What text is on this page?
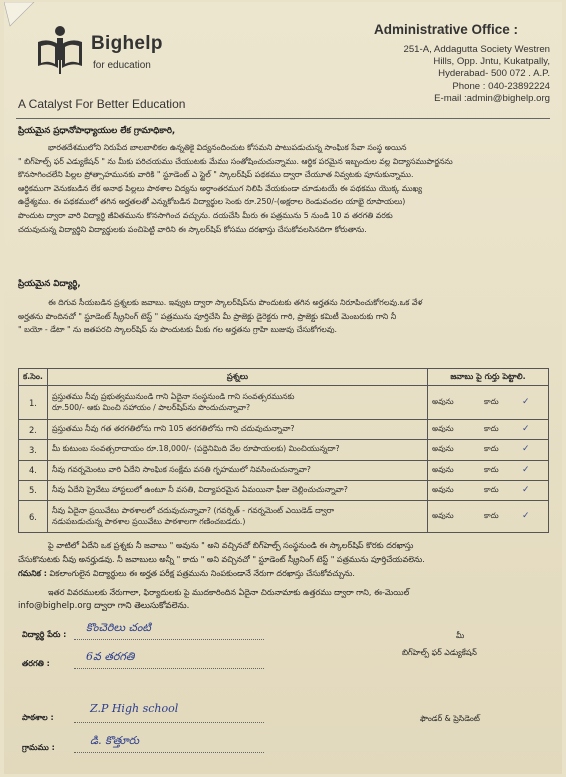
Bighelp
for education
A Catalyst For Better Education
Administrative Office :
251-A, Addagutta Society Westren
Hills, Opp. Jntu, Kukatpally,
Hyderabad- 500 072 . A.P.
Phone : 040-23892224
E-mail :admin@bighelp.org
ప్రియమైన ప్రధానోపాధ్యాయుల లేక గ్రామాధికారి,
భారతదేశములోని నిరుపేద బాలబాలికల ఉన్నతికై విద్యనందించుట కోసమని పాటుపడుచున్న సాంఘిక సేవా సంస్థ అయిన
" బిగ్‌హెల్ప్ ఫర్ ఎడ్యుకేషన్ " ను మీకు పరిచయము చేయుటకు మేము సంతోషించుచున్నాము. ఆర్థిక పరమైన ఇబ్బందుల వల్ల విద్యాసముపార్జనను
కొనసాగించలేని పిల్లల ప్రోత్సాహమునకు వారికి " స్టూడెంట్ ఎ స్టైల్ " స్కాలర్‌షిప్ పథకము ద్వారా చేయూత నివ్వటకు పూనుకున్నాము.
ఆర్థికముగా వెనుకబడిన లేక అనాథ పిల్లలు పాఠశాల విద్యను అర్ధాంతరముగ నిలిపి వేయకుండా చూడుటయే ఈ పథకము యొక్క ముఖ్య
ఉద్దేశ్యము. ఈ పథకములో తగిన అర్హతలతో ఎన్నుకోబడిన విద్యార్థుల సెంకు రూ.250/-(అక్షరాల రెండువందల యాభై రూపాయలు)
పొందుట ద్వారా వారి విద్యార్థి జీవితమును కొనసాగించ వచ్చును. దయచేసి మీరు ఈ పత్రమును 5 నుండి 10 వ తరగతి వరకు
చదువుచున్న విద్యార్థిని విద్యార్థులకు పంచిపెట్టి వారిని ఈ స్కాలర్‌షిప్ కోసము దరఖాస్తు చేసుకోవలసినదిగా కోరుతాను.
ప్రియమైన విద్యార్థి,
ఈ దిగువ సీయబడిన ప్రశ్నలకు జవాబు. ఇవ్వుట ద్వారా స్కాలర్‌షిప్‌ను పొందుటకు తగిన అర్హతను నిరూపించుకోగలవు.ఒక వేళ
అర్హతను పొందినచో " స్టూడెంట్ స్క్రీనింగ్ టెస్ట్ " పత్రమును పూర్తిచేసి మీ ప్రాజెక్టు డైరెక్టరు గారి, ప్రాజెక్టు కమిటీ మెంబరుకు గాని నీ
" బయో - డేటా " ను జతపరచి స్కాలర్‌షిప్‌ ను పొందుటకు మీకు గల అర్హతను గ్రాహి బుజువు చేసుకోగలవు.
క.సెం.	ప్రశ్నలు	జవాబు పై గుర్తు పెట్టాలి.
1.	ప్రస్తుతము నీవు ప్రభుత్వమునుండి గాని ఏదైనా సంస్థనుండి గాని సంవత్సరమునకు
రూ.500/- ఆకు మించి సహాయం / పాలర్‌షిప్‌ను పొందుచున్నావా?	అవును కాదు ✓
2.	ప్రస్తుతము నీవు గత తరగతిలోను గాని 105 తరగతిలోను గాని చదువుచున్నావా?	అవును కాదు ✓
3.	మీ కుటుంబ సంవత్సరాదాయం రూ.18,000/- (పద్దెనిమిది వేల రూపాయలకు) మించియున్నదా?	అవును కాదు ✓
4.	నీవు గవర్నమెంటు వారి ఏదేని సాంఘిక సంక్షేమ వసతి గృహములో నివసించుచున్నావా?	అవును కాదు ✓
5.	నీవు ఏదేని ప్రైవేటు హాస్టలులో ఉంటూ నీ వసతి, విద్యాపరమైన ఏమయినా ఫీజు చెల్లించుచున్నావా?	అవును కాదు ✓
6.	నీవు ఏదైనా ప్రయివేటు పాఠశాలలో చదువుచున్నావా? (గవర్నిత్ - గవర్నమెంట్ ఎయిడెడ్ ద్వారా
నడుపబడుచున్న పాఠశాల ప్రయివేటు పాఠశాలగా గణించబడదు.)	అవును కాదు ✓
పై వాటిలో ఏదేని ఒక ప్రశ్నకు నీ జవాబు " అవును " అని వచ్చినచో బిగ్‌హెల్ప్ సంస్థనుండి ఈ స్కాలర్‌షిప్ కొరకు దరఖాస్తు
చేసుకొనుటకు నీవు అనర్హుడవు. నీ జవాబులు అన్నీ " కాదు " అని వచ్చినచో " స్టూడెంట్ స్క్రీనింగ్ టెస్ట్ " పత్రమును పూర్తిచేయవలెను.
గమనిక : వికలాంగులైన విద్యార్థులు ఈ అర్హత పరీక్ష పత్రమును నింపకుండానే నేరుగా దరఖాస్తు చేసుకోవచ్చును.
ఇతర వివరములకు నేరుగాలా, ఫిర్యాదులకు పై ముదకారిందిన ఏదైనా చిరునామాకు ఉత్తరము ద్వారా గాని, ఈ-మెయిల్
info@bighelp.org ద్వారా గాని తెలుసుకోవలెను.
విద్యార్థి పేరు :
కొంచెరిలు చంటి
తరగతి :
6వ తరగతి
పాఠశాల :
Z.P High school
గ్రామము :
డి. కొత్తూరు
మీ
బిగ్‌హెల్ప్ ఫర్ ఎడ్యుకేషన్
ఫౌండర్ & ప్రెసిడెంట్
